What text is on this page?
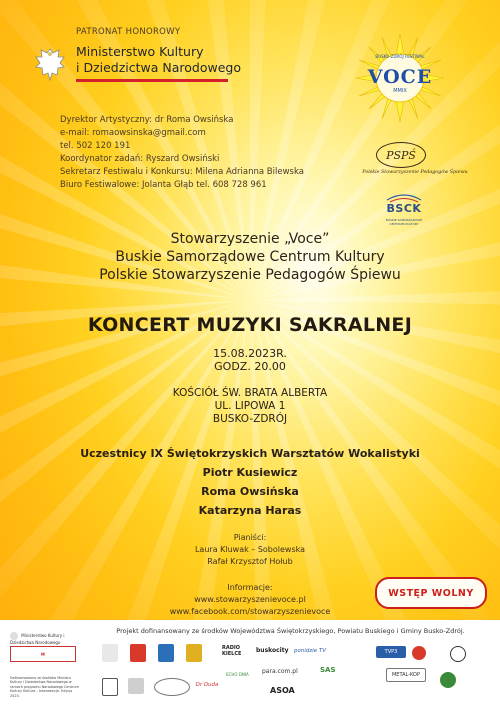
PATRONAT HONOROWY
Ministerstwo Kultury
i Dziedzictwa Narodowego	VOCE
BUSKO-ZDRÓJ FESTIWAL
MMIX
Dyrektor Artystyczny: dr Roma Owsińska
e-mail: romaowsinska@gmail.com
tel. 502 120 191
Koordynator zadań: Ryszard Owsiński
Sekretarz Festiwalu i Konkursu: Milena Adrianna Bilewska
Biuro Festiwalowe: Jolanta Głąb tel. 608 728 961
PSPŚ
Polskie Stowarzyszenie Pedagogów Śpiewu
BSCK
BUSKIE SAMORZĄDOWE CENTRUM KULTURY
Stowarzyszenie „Voce”
Buskie Samorządowe Centrum Kultury
Polskie Stowarzyszenie Pedagogów Śpiewu
KONCERT MUZYKI SAKRALNEJ
15.08.2023R.
GODZ. 20.00
KOŚCIÓŁ ŚW. BRATA ALBERTA
UL. LIPOWA 1
BUSKO-ZDRÓJ
Uczestnicy IX Świętokrzyskich Warsztatów Wokalistyki
Piotr Kusiewicz
Roma Owsińska
Katarzyna Haras
Pianiści:
Laura Kluwak – Sobolewska
Rafał Krzysztof Hołub
Informacje:
www.stowarzyszenievoce.pl
www.facebook.com/stowarzyszenievoce
WSTĘP WOLNY
Ministerstwo Kultury i Dziedzictwa Narodowego
▮▮
Dofinansowano ze środków Ministra Kultury i Dziedzictwa Narodowego w ramach programu Narodowego Centrum Kultury Kultura – Interwencje. Edycja 2023.
Projekt dofinansowany ze środków Województwa Świętokrzyskiego, Powiatu Buskiego i Gminy Busko-Zdrój.
RADIO KIELCE	buskocity ponidzie TV	TVP3 KIELCE
Dr Duda
ECHO DNIA	para.com.pl
ASOA
SAS
METAL-KOP
